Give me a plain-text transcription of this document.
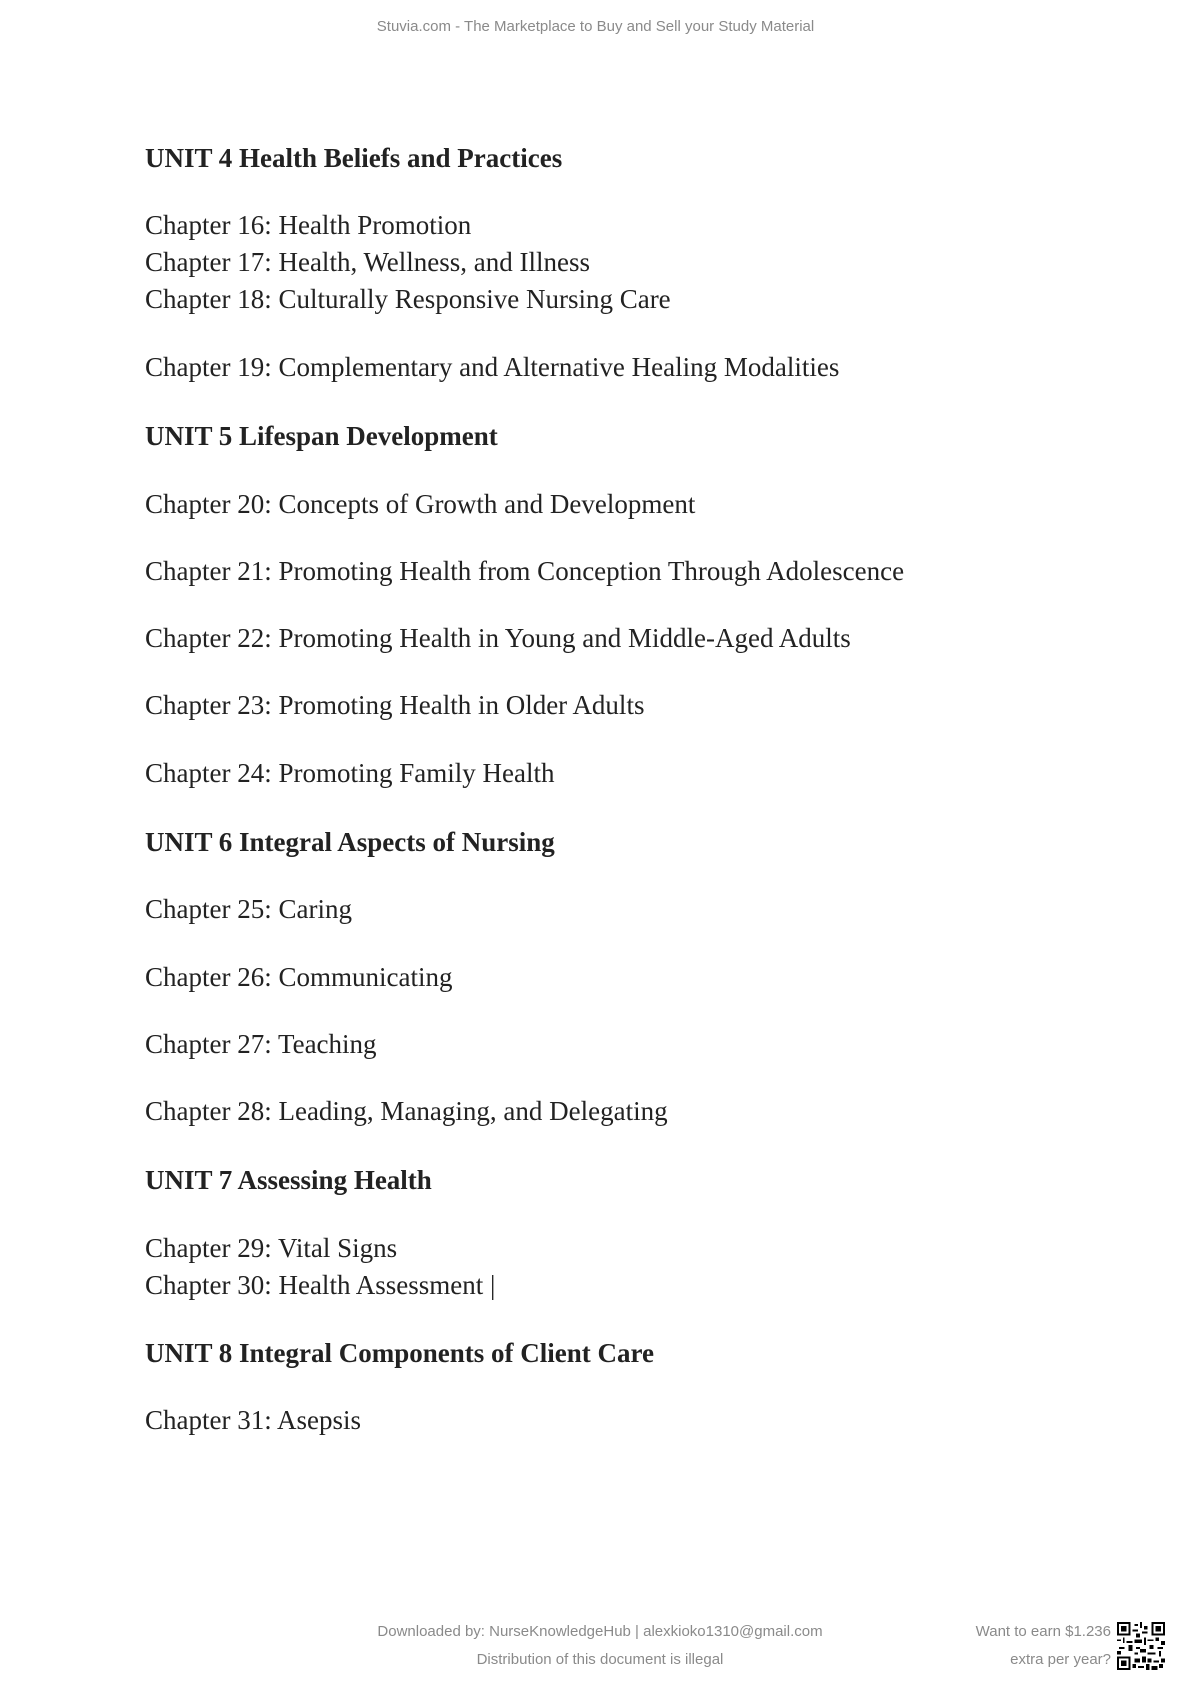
Stuvia.com - The Marketplace to Buy and Sell your Study Material
UNIT 4 Health Beliefs and Practices
Chapter 16: Health Promotion
Chapter 17: Health, Wellness, and Illness
Chapter 18: Culturally Responsive Nursing Care
Chapter 19: Complementary and Alternative Healing Modalities
UNIT 5 Lifespan Development
Chapter 20: Concepts of Growth and Development
Chapter 21: Promoting Health from Conception Through Adolescence
Chapter 22: Promoting Health in Young and Middle-Aged Adults
Chapter 23: Promoting Health in Older Adults
Chapter 24: Promoting Family Health
UNIT 6 Integral Aspects of Nursing
Chapter 25: Caring
Chapter 26: Communicating
Chapter 27: Teaching
Chapter 28: Leading, Managing, and Delegating
UNIT 7 Assessing Health
Chapter 29: Vital Signs
Chapter 30: Health Assessment |
UNIT 8 Integral Components of Client Care
Chapter 31: Asepsis
Downloaded by: NurseKnowledgeHub | alexkioko1310@gmail.com
Distribution of this document is illegal
Want to earn $1.236
extra per year?
